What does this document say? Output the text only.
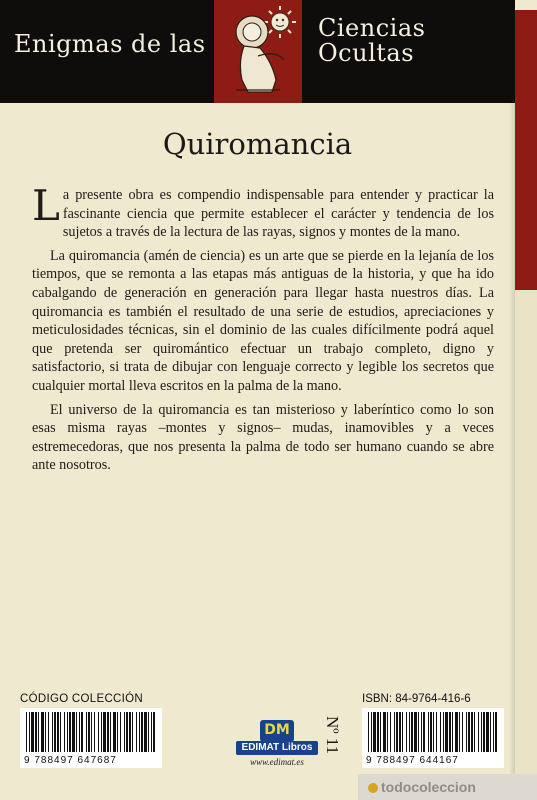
Enigmas de las
Ciencias
Ocultas
Quiromancia

La presente obra es compendio indispensable para entender y practicar la fascinante ciencia que permite establecer el carácter y tendencia de los sujetos a través de la lectura de las rayas, signos y montes de la mano.

La quiromancia (amén de ciencia) es un arte que se pierde en la lejanía de los tiempos, que se remonta a las etapas más antiguas de la historia, y que ha ido cabalgando de generación en generación para llegar hasta nuestros días. La quiromancia es también el resultado de una serie de estudios, apreciaciones y meticulosidades técnicas, sin el dominio de las cuales difícilmente podrá aquel que pretenda ser quiromántico efectuar un trabajo completo, digno y satisfactorio, si trata de dibujar con lenguaje correcto y legible los secretos que cualquier mortal lleva escritos en la palma de la mano.

El universo de la quiromancia es tan misterioso y laberíntico como lo son esas misma rayas –montes y signos– mudas, inamovibles y a veces estremecedoras, que nos presenta la palma de todo ser humano cuando se abre ante nosotros.

CÓDIGO COLECCIÓN
9 788497 647687
DM
EDIMAT Libros
www.edimat.es
Nº 11
ISBN: 84-9764-416-6
9 788497 644167
todocoleccion
